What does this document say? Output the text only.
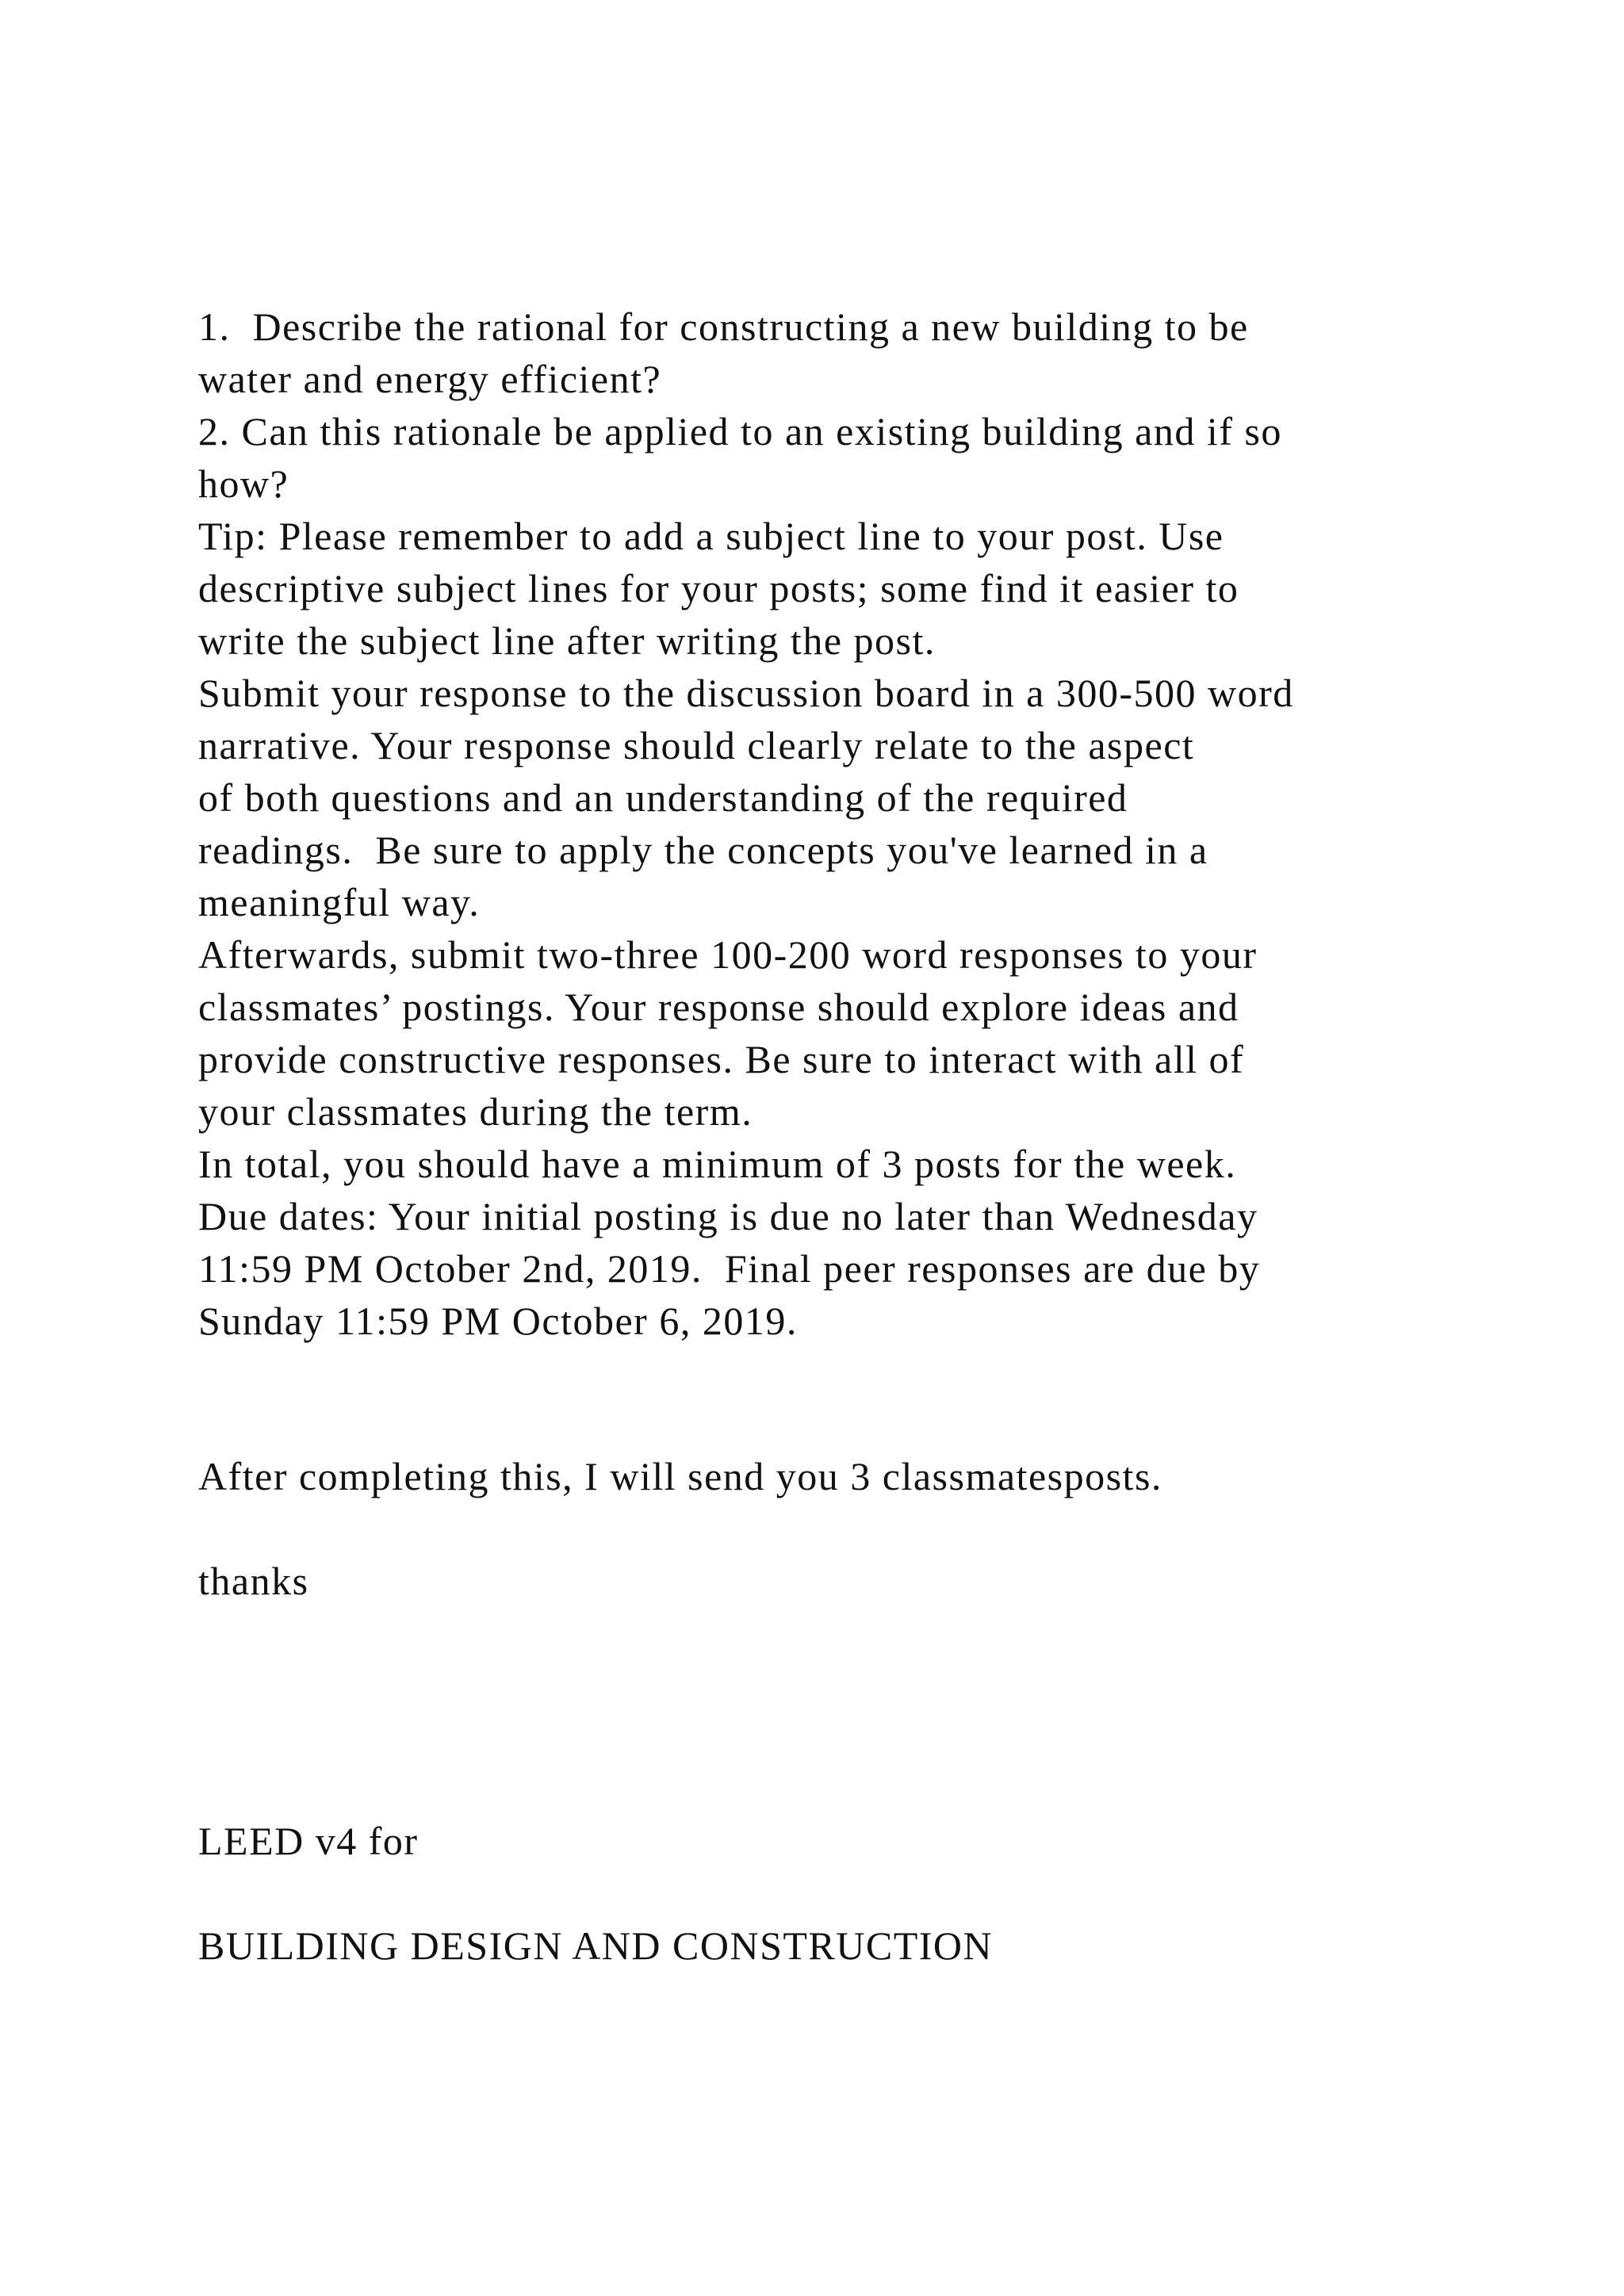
1.  Describe the rational for constructing a new building to be

water and energy efficient?

2. Can this rationale be applied to an existing building and if so

how?

Tip: Please remember to add a subject line to your post. Use

descriptive subject lines for your posts; some find it easier to

write the subject line after writing the post.

Submit your response to the discussion board in a 300-500 word

narrative. Your response should clearly relate to the aspect

of both questions and an understanding of the required

readings.  Be sure to apply the concepts you've learned in a

meaningful way.

Afterwards, submit two-three 100-200 word responses to your

classmates’ postings. Your response should explore ideas and

provide constructive responses. Be sure to interact with all of

your classmates during the term.

In total, you should have a minimum of 3 posts for the week.

Due dates: Your initial posting is due no later than Wednesday

11:59 PM October 2nd, 2019.  Final peer responses are due by

Sunday 11:59 PM October 6, 2019.

After completing this, I will send you 3 classmatesposts.

thanks

LEED v4 for

BUILDING DESIGN AND CONSTRUCTION
